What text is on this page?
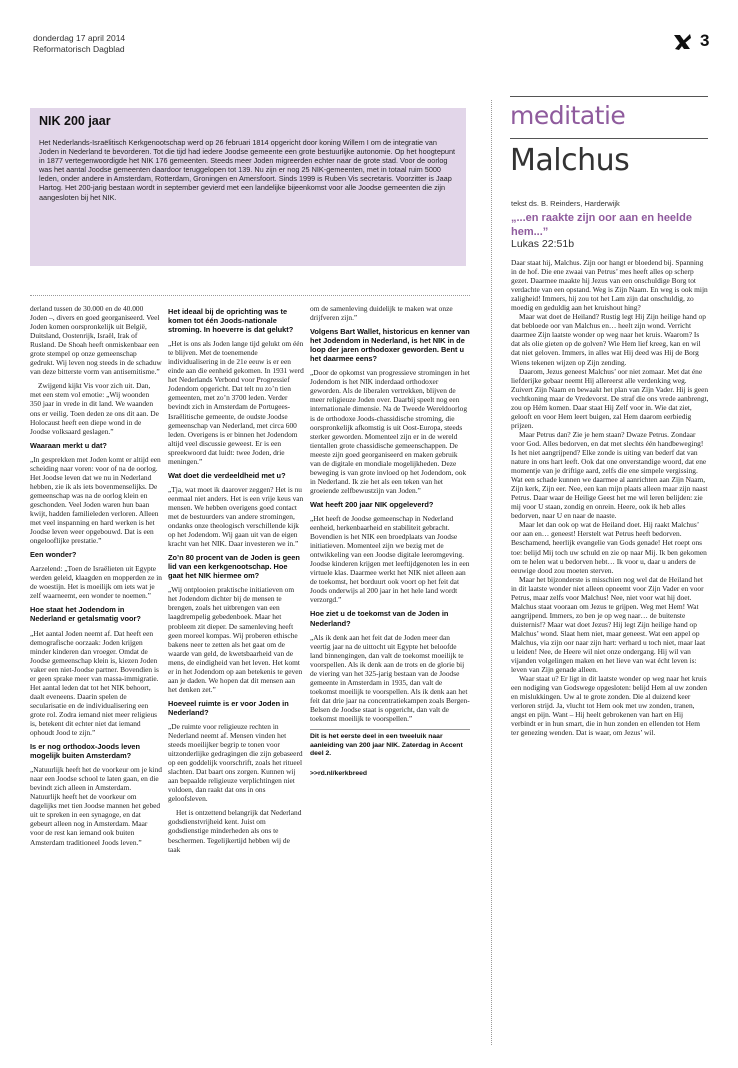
donderdag 17 april 2014
Reformatorisch Dagblad	3
NIK 200 jaar

Het Nederlands-Israëlitisch Kerkgenootschap werd op 26 februari 1814 opgericht door koning Willem I om de integratie van Joden in Nederland te bevorderen. Tot die tijd had iedere Joodse gemeente een grote bestuurlijke autonomie. Op het hoogtepunt in 1877 vertegenwoordigde het NIK 176 gemeenten. Steeds meer Joden migreerden echter naar de grote stad. Voor de oorlog was het aantal Joodse gemeenten daardoor teruggelopen tot 139. Nu zijn er nog 25 NIK-gemeenten, met in totaal ruim 5000 leden, onder andere in Amsterdam, Rotterdam, Groningen en Amersfoort. Sinds 1999 is Ruben Vis secretaris. Voorzitter is Jaap Hartog. Het 200-jarig bestaan wordt in september gevierd met een landelijke bijeenkomst voor alle Joodse gemeenten die zijn aangesloten bij het NIK.

derland tussen de 30.000 en de 40.000 Joden –, divers en goed georganiseerd. Veel Joden komen oorspronkelijk uit België, Duitsland, Oostenrijk, Israël, Irak of Rusland. De Shoah heeft onmiskenbaar een grote stempel op onze gemeenschap gedrukt. Wij leven nog steeds in de schaduw van deze bitterste vorm van antisemitisme.”

Zwijgend kijkt Vis voor zich uit. Dan, met een stem vol emotie: „Wij woonden 350 jaar in vrede in dit land. We waanden ons er veilig. Toen deden ze ons dit aan. De Holocaust heeft een diepe wond in de Joodse volksaard geslagen.”

Waaraan merkt u dat?

„In gesprekken met Joden komt er altijd een scheiding naar voren: voor of na de oorlog. Het Joodse leven dat we nu in Nederland hebben, zie ik als iets bovenmenselijks. De gemeenschap was na de oorlog klein en geschonden. Veel Joden waren hun baan kwijt, hadden familieleden verloren. Alleen met veel inspanning en hard werken is het Joodse leven weer opgebouwd. Dat is een ongelooflijke prestatie.”

Een wonder?

Aarzelend: „Toen de Israëlieten uit Egypte werden geleid, klaagden en mopperden ze in de woestijn. Het is moeilijk om iets wat je zelf waarneemt, een wonder te noemen.”

Hoe staat het Jodendom in Nederland er getalsmatig voor?

„Het aantal Joden neemt af. Dat heeft een demografische oorzaak: Joden krijgen minder kinderen dan vroeger. Omdat de Joodse gemeenschap klein is, kiezen Joden vaker een niet-Joodse partner. Bovendien is er geen sprake meer van massa-immigratie. Het aantal leden dat tot het NIK behoort, daalt eveneens. Daarin spelen de secularisatie en de individualisering een grote rol. Zodra iemand niet meer religieus is, betekent dit echter niet dat iemand ophoudt Jood te zijn.”

Is er nog orthodox-Joods leven mogelijk buiten Amsterdam?

„Natuurlijk heeft het de voorkeur om je kind naar een Joodse school te laten gaan, en die bevindt zich alleen in Amsterdam. Natuurlijk heeft het de voorkeur om dagelijks met tien Joodse mannen het gebed uit te spreken in een synagoge, en dat gebeurt alleen nog in Amsterdam. Maar voor de rest kan iemand ook buiten Amsterdam traditioneel Joods leven.”

Het ideaal bij de oprichting was te komen tot één Joods-nationale stroming. In hoeverre is dat gelukt?

„Het is ons als Joden lange tijd gelukt om één te blijven. Met de toenemende individualisering in de 21e eeuw is er een einde aan die eenheid gekomen. In 1931 werd het Nederlands Verbond voor Progressief Jodendom opgericht. Dat telt nu zo’n tien gemeenten, met zo’n 3700 leden. Verder bevindt zich in Amsterdam de Portugees-Israëlitische gemeente, de oudste Joodse gemeenschap van Nederland, met circa 600 leden. Overigens is er binnen het Jodendom altijd veel discussie geweest. Er is een spreekwoord dat luidt: twee Joden, drie meningen.”

Wat doet die verdeeldheid met u?

„Tja, wat moet ik daarover zeggen? Het is nu eenmaal niet anders. Het is een vrije keus van mensen. We hebben overigens goed contact met de bestuurders van andere stromingen, ondanks onze theologisch verschillende kijk op het Jodendom. Wij gaan uit van de eigen kracht van het NIK. Daar investeren we in.”

Zo’n 80 procent van de Joden is geen lid van een kerkgenootschap. Hoe gaat het NIK hiermee om?

„Wij ontplooien praktische initiatieven om het Jodendom dichter bij de mensen te brengen, zoals het uitbrengen van een laagdrempelig gebedenboek. Maar het probleem zit dieper. De samenleving heeft geen moreel kompas. Wij proberen ethische bakens neer te zetten als het gaat om de waarde van geld, de kwetsbaarheid van de mens, de eindigheid van het leven. Het komt er in het Jodendom op aan betekenis te geven aan je daden. We hopen dat dit mensen aan het denken zet.”

Hoeveel ruimte is er voor Joden in Nederland?

„De ruimte voor religieuze rechten in Nederland neemt af. Mensen vinden het steeds moeilijker begrip te tonen voor uitzonderlijke gedragingen die zijn gebaseerd op een goddelijk voorschrift, zoals het ritueel slachten. Dat baart ons zorgen. Kunnen wij aan bepaalde religieuze verplichtingen niet voldoen, dan raakt dat ons in ons geloofsleven.

Het is ontzettend belangrijk dat Nederland godsdienstvrijheid kent. Juist om godsdienstige minderheden als ons te beschermen. Tegelijkertijd hebben wij de taak

om de samenleving duidelijk te maken wat onze drijfveren zijn.”

Volgens Bart Wallet, historicus en kenner van het Jodendom in Nederland, is het NIK in de loop der jaren orthodoxer geworden. Bent u het daarmee eens?

„Door de opkomst van progressieve stromingen in het Jodendom is het NIK inderdaad orthodoxer geworden. Als de liberalen vertrekken, blijven de meer religieuze Joden over. Daarbij speelt nog een internationale dimensie. Na de Tweede Wereldoorlog is de orthodoxe Joods-chassidische stroming, die oorspronkelijk afkomstig is uit Oost-Europa, steeds sterker geworden. Momenteel zijn er in de wereld tientallen grote chassidische gemeenschappen. De meeste zijn goed georganiseerd en maken gebruik van de digitale en mondiale mogelijkheden. Deze beweging is van grote invloed op het Jodendom, ook in Nederland. Ik zie het als een teken van het groeiende zelfbewustzijn van Joden.”

Wat heeft 200 jaar NIK opgeleverd?

„Het heeft de Joodse gemeenschap in Nederland eenheid, herkenbaarheid en stabiliteit gebracht. Bovendien is het NIK een broedplaats van Joodse initiatieven. Momenteel zijn we bezig met de ontwikkeling van een Joodse digitale leeromgeving. Joodse kinderen krijgen met leeftijdgenoten les in een virtuele klas. Daarmee werkt het NIK niet alleen aan de toekomst, het borduurt ook voort op het feit dat Joods onderwijs al 200 jaar in het hele land wordt verzorgd.”

Hoe ziet u de toekomst van de Joden in Nederland?

„Als ik denk aan het feit dat de Joden meer dan veertig jaar na de uittocht uit Egypte het beloofde land binnengingen, dan valt de toekomst moeilijk te voorspellen. Als ik denk aan de trots en de glorie bij de viering van het 325-jarig bestaan van de Joodse gemeente in Amsterdam in 1935, dan valt de toekomst moeilijk te voorspellen. Als ik denk aan het feit dat drie jaar na concentratiekampen zoals Bergen-Belsen de Joodse staat is opgericht, dan valt de toekomst moeilijk te voorspellen.”

Dit is het eerste deel in een tweeluik naar aanleiding van 200 jaar NIK. Zaterdag in Accent deel 2.
>>rd.nl/kerkbreed
meditatie
Malchus
tekst ds. B. Reinders, Harderwijk
„...en raakte zijn oor aan en heelde hem...”
Lukas 22:51b

Daar staat hij, Malchus. Zijn oor hangt er bloedend bij. Spanning in de hof. Die ene zwaai van Petrus’ mes heeft alles op scherp gezet. Daarmee maakte hij Jezus van een onschuldige Borg tot verdachte van een opstand. Weg is Zijn Naam. En weg is ook mijn zaligheid! Immers, hij zou tot het Lam zijn dat onschuldig, zo moedig en geduldig aan het kruishout hing?

Maar wat doet de Heiland? Rustig legt Hij Zijn heilige hand op dat bebloede oor van Malchus en… heelt zijn wond. Verricht daarmee Zijn laatste wonder op weg naar het kruis. Waarom? Is dat als olie gieten op de golven? Wie Hem lief kreeg, kan en wil dat niet geloven. Immers, in alles wat Hij deed was Hij de Borg Wiens tekenen wijzen op Zijn zending.

Daarom, Jezus geneest Malchus’ oor niet zomaar. Met dat éne liefderijke gebaar neemt Hij allereerst alle verdenking weg. Zuivert Zijn Naam en bewaakt het plan van Zijn Vader. Hij is geen vechtkoning maar de Vredevorst. De straf die ons vrede aanbrengt, zou op Hém komen. Daar staat Hij Zelf voor in. Wie dat ziet, gelooft en voor Hem leert buigen, zal Hem daarom eerbiedig prijzen.

Maar Petrus dan? Zie je hem staan? Dwaze Petrus. Zondaar voor God. Alles bedorven, en dat met slechts één handbeweging! Is het niet aangrijpend? Elke zonde is uiting van bederf dat van nature in ons hart leeft. Ook dat one onverstandige woord, dat ene momentje van je driftige aard, zelfs die ene simpele vergissing. Wat een schade kunnen we daarmee al aanrichten aan Zijn Naam, Zijn kerk, Zijn eer. Nee, een kan mijn plaats alleen maar zijn naast Petrus. Daar waar de Heilige Geest het me wil leren belijden: zie mij voor U staan, zondig en onrein. Heere, ook ik heb alles bedorven, naar U en naar de naaste.

Maar let dan ook op wat de Heiland doet. Hij raakt Malchus’ oor aan en… geneest! Herstelt wat Petrus heeft bedorven. Beschamend, heerlijk evangelie van Gods genade! Het roept ons toe: belijd Mij toch uw schuld en zie op naar Mij. Ik ben gekomen om te helen wat u bedorven hebt… Ik voor u, daar u anders de eeuwige dood zou moeten sterven.

Maar het bijzonderste is misschien nog wel dat de Heiland het in dit laatste wonder niet alleen opneemt voor Zijn Vader en voor Petrus, maar zelfs voor Malchus! Nee, niet voor wat hij doet. Malchus staat vooraan om Jezus te grijpen. Weg met Hem! Wat aangrijpend. Immers, zo ben je op weg naar… de buitenste duisternis!? Maar wat doet Jezus? Hij legt Zijn heilige hand op Malchus’ wond. Slaat hem niet, maar geneest. Wat een appel op Malchus, via zijn oor naar zijn hart: verhard u toch niet, maar laat u leiden! Nee, de Heere wil niet onze ondergang. Hij wil van vijanden volgelingen maken en het lieve van wat écht leven is: leven van Zijn genade alleen.

Waar staat u? Er ligt in dit laatste wonder op weg naar het kruis een nodiging van Godswege opgesloten: belijd Hem al uw zonden en mislukkingen. Uw al te grote zonden. Die al duizend keer verloren strijd. Ja, vlucht tot Hem ook met uw zonden, tranen, angst en pijn. Want – Hij heelt gebrokenen van hart en Hij verbindt er in hun smart, die in hun zonden en ellenden tot Hem ter genezing wenden. Dat is waar, om Jezus’ wil.
